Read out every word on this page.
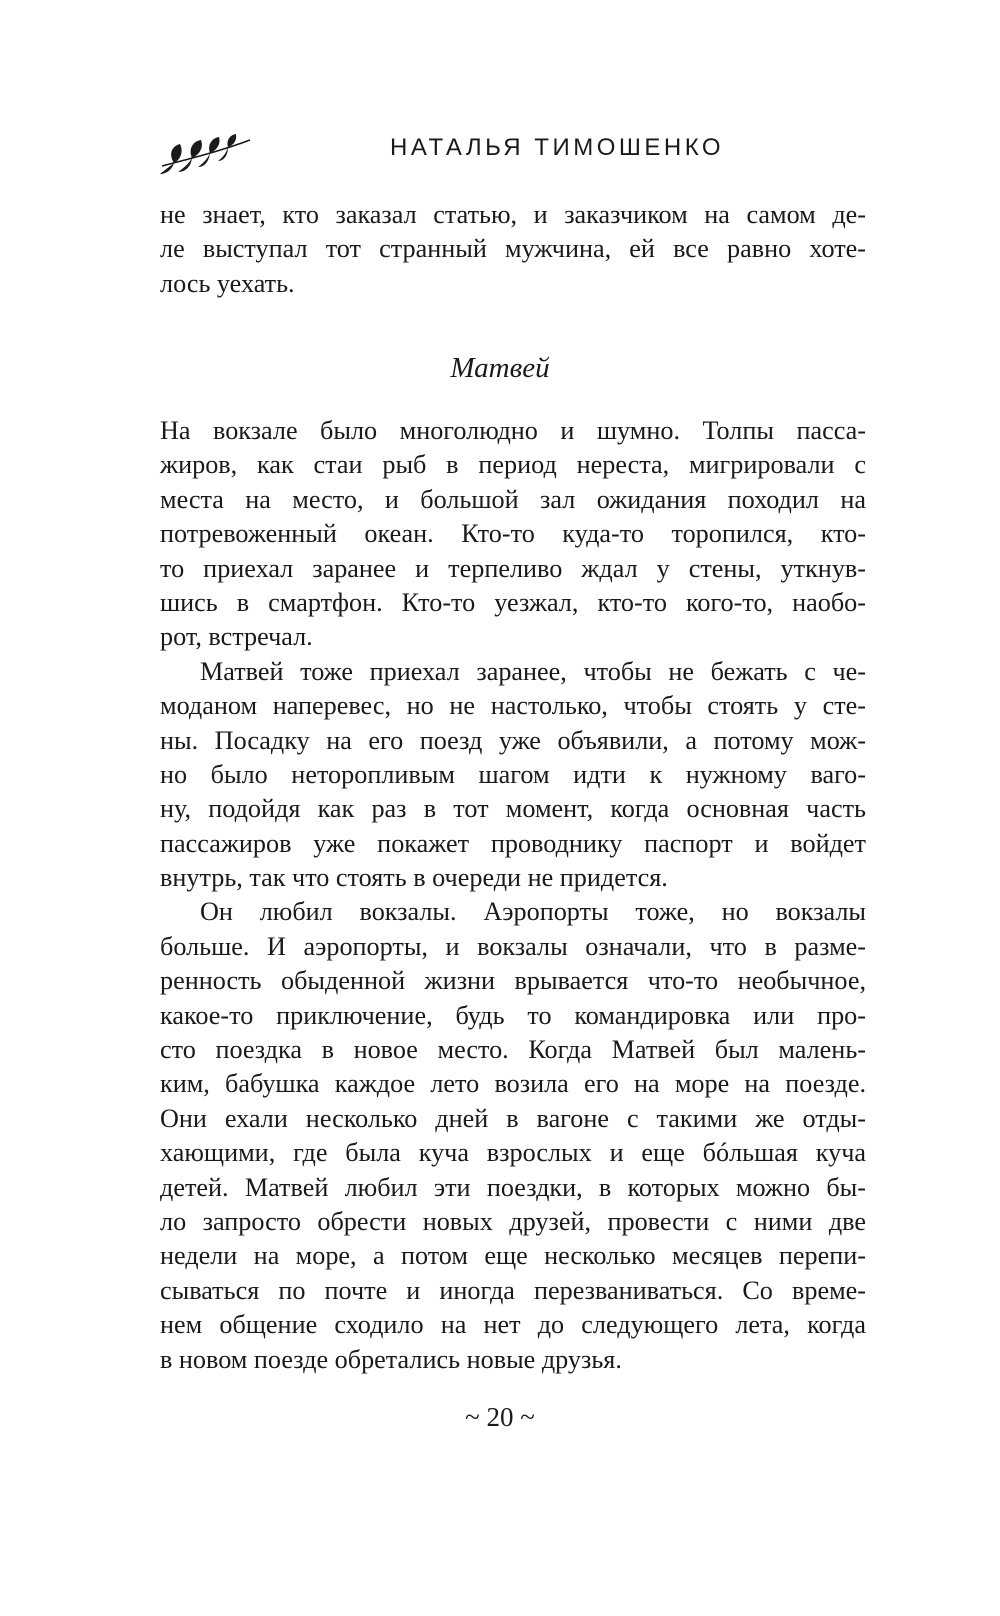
НАТАЛЬЯ ТИМОШЕНКО
не знает, кто заказал статью, и заказчиком на самом де-
ле выступал тот странный мужчина, ей все равно хоте-
лось уехать.
Матвей
На вокзале было многолюдно и шумно. Толпы пасса-
жиров, как стаи рыб в период нереста, мигрировали с
места на место, и большой зал ожидания походил на
потревоженный океан. Кто-то куда-то торопился, кто-
то приехал заранее и терпеливо ждал у стены, уткнув-
шись в смартфон. Кто-то уезжал, кто-то кого-то, наобо-
рот, встречал.
Матвей тоже приехал заранее, чтобы не бежать с че-
моданом наперевес, но не настолько, чтобы стоять у сте-
ны. Посадку на его поезд уже объявили, а потому мож-
но было неторопливым шагом идти к нужному ваго-
ну, подойдя как раз в тот момент, когда основная часть
пассажиров уже покажет проводнику паспорт и войдет
внутрь, так что стоять в очереди не придется.
Он любил вокзалы. Аэропорты тоже, но вокзалы
больше. И аэропорты, и вокзалы означали, что в разме-
ренность обыденной жизни врывается что-то необычное,
какое-то приключение, будь то командировка или про-
сто поездка в новое место. Когда Матвей был малень-
ким, бабушка каждое лето возила его на море на поезде.
Они ехали несколько дней в вагоне с такими же отды-
хающими, где была куча взрослых и еще бóльшая куча
детей. Матвей любил эти поездки, в которых можно бы-
ло запросто обрести новых друзей, провести с ними две
недели на море, а потом еще несколько месяцев перепи-
сываться по почте и иногда перезваниваться. Со време-
нем общение сходило на нет до следующего лета, когда
в новом поезде обретались новые друзья.
~ 20 ~
